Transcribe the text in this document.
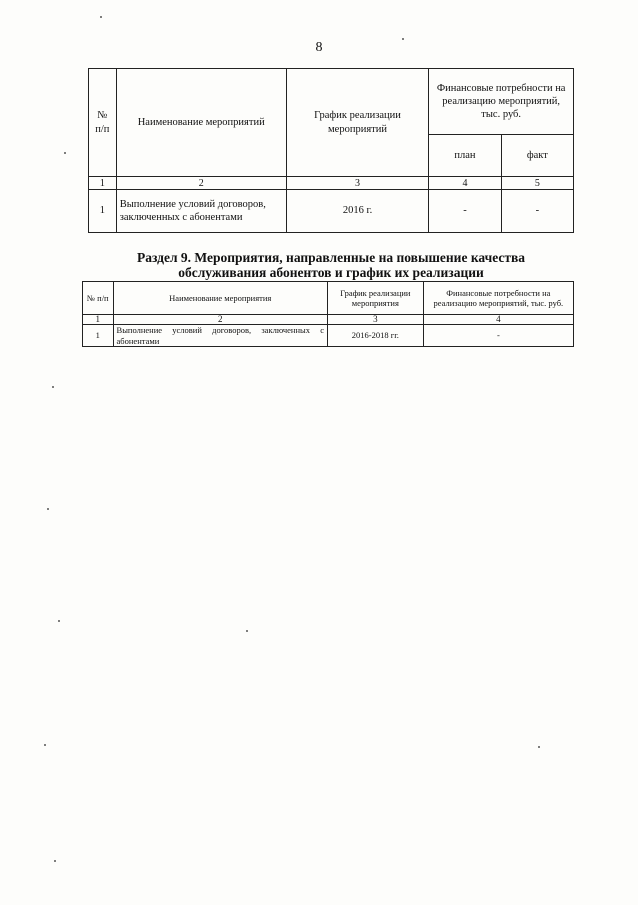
8
№ п/п	Наименование мероприятий	График реализации мероприятий	Финансовые потребности на реализацию мероприятий, тыс. руб.	
			план	факт
1	2	3	4	5
1	Выполнение условий договоров, заключенных с абонентами	2016 г.	-	-
Раздел 9. Мероприятия, направленные на повышение качества
обслуживания абонентов и график их реализации
№ п/п	Наименование мероприятия	График реализации мероприятия	Финансовые потребности на реализацию мероприятий, тыс. руб.
1	2	3	4
1	Выполнение условий договоров, заключенных с абонентами	2016-2018 гг.	-
